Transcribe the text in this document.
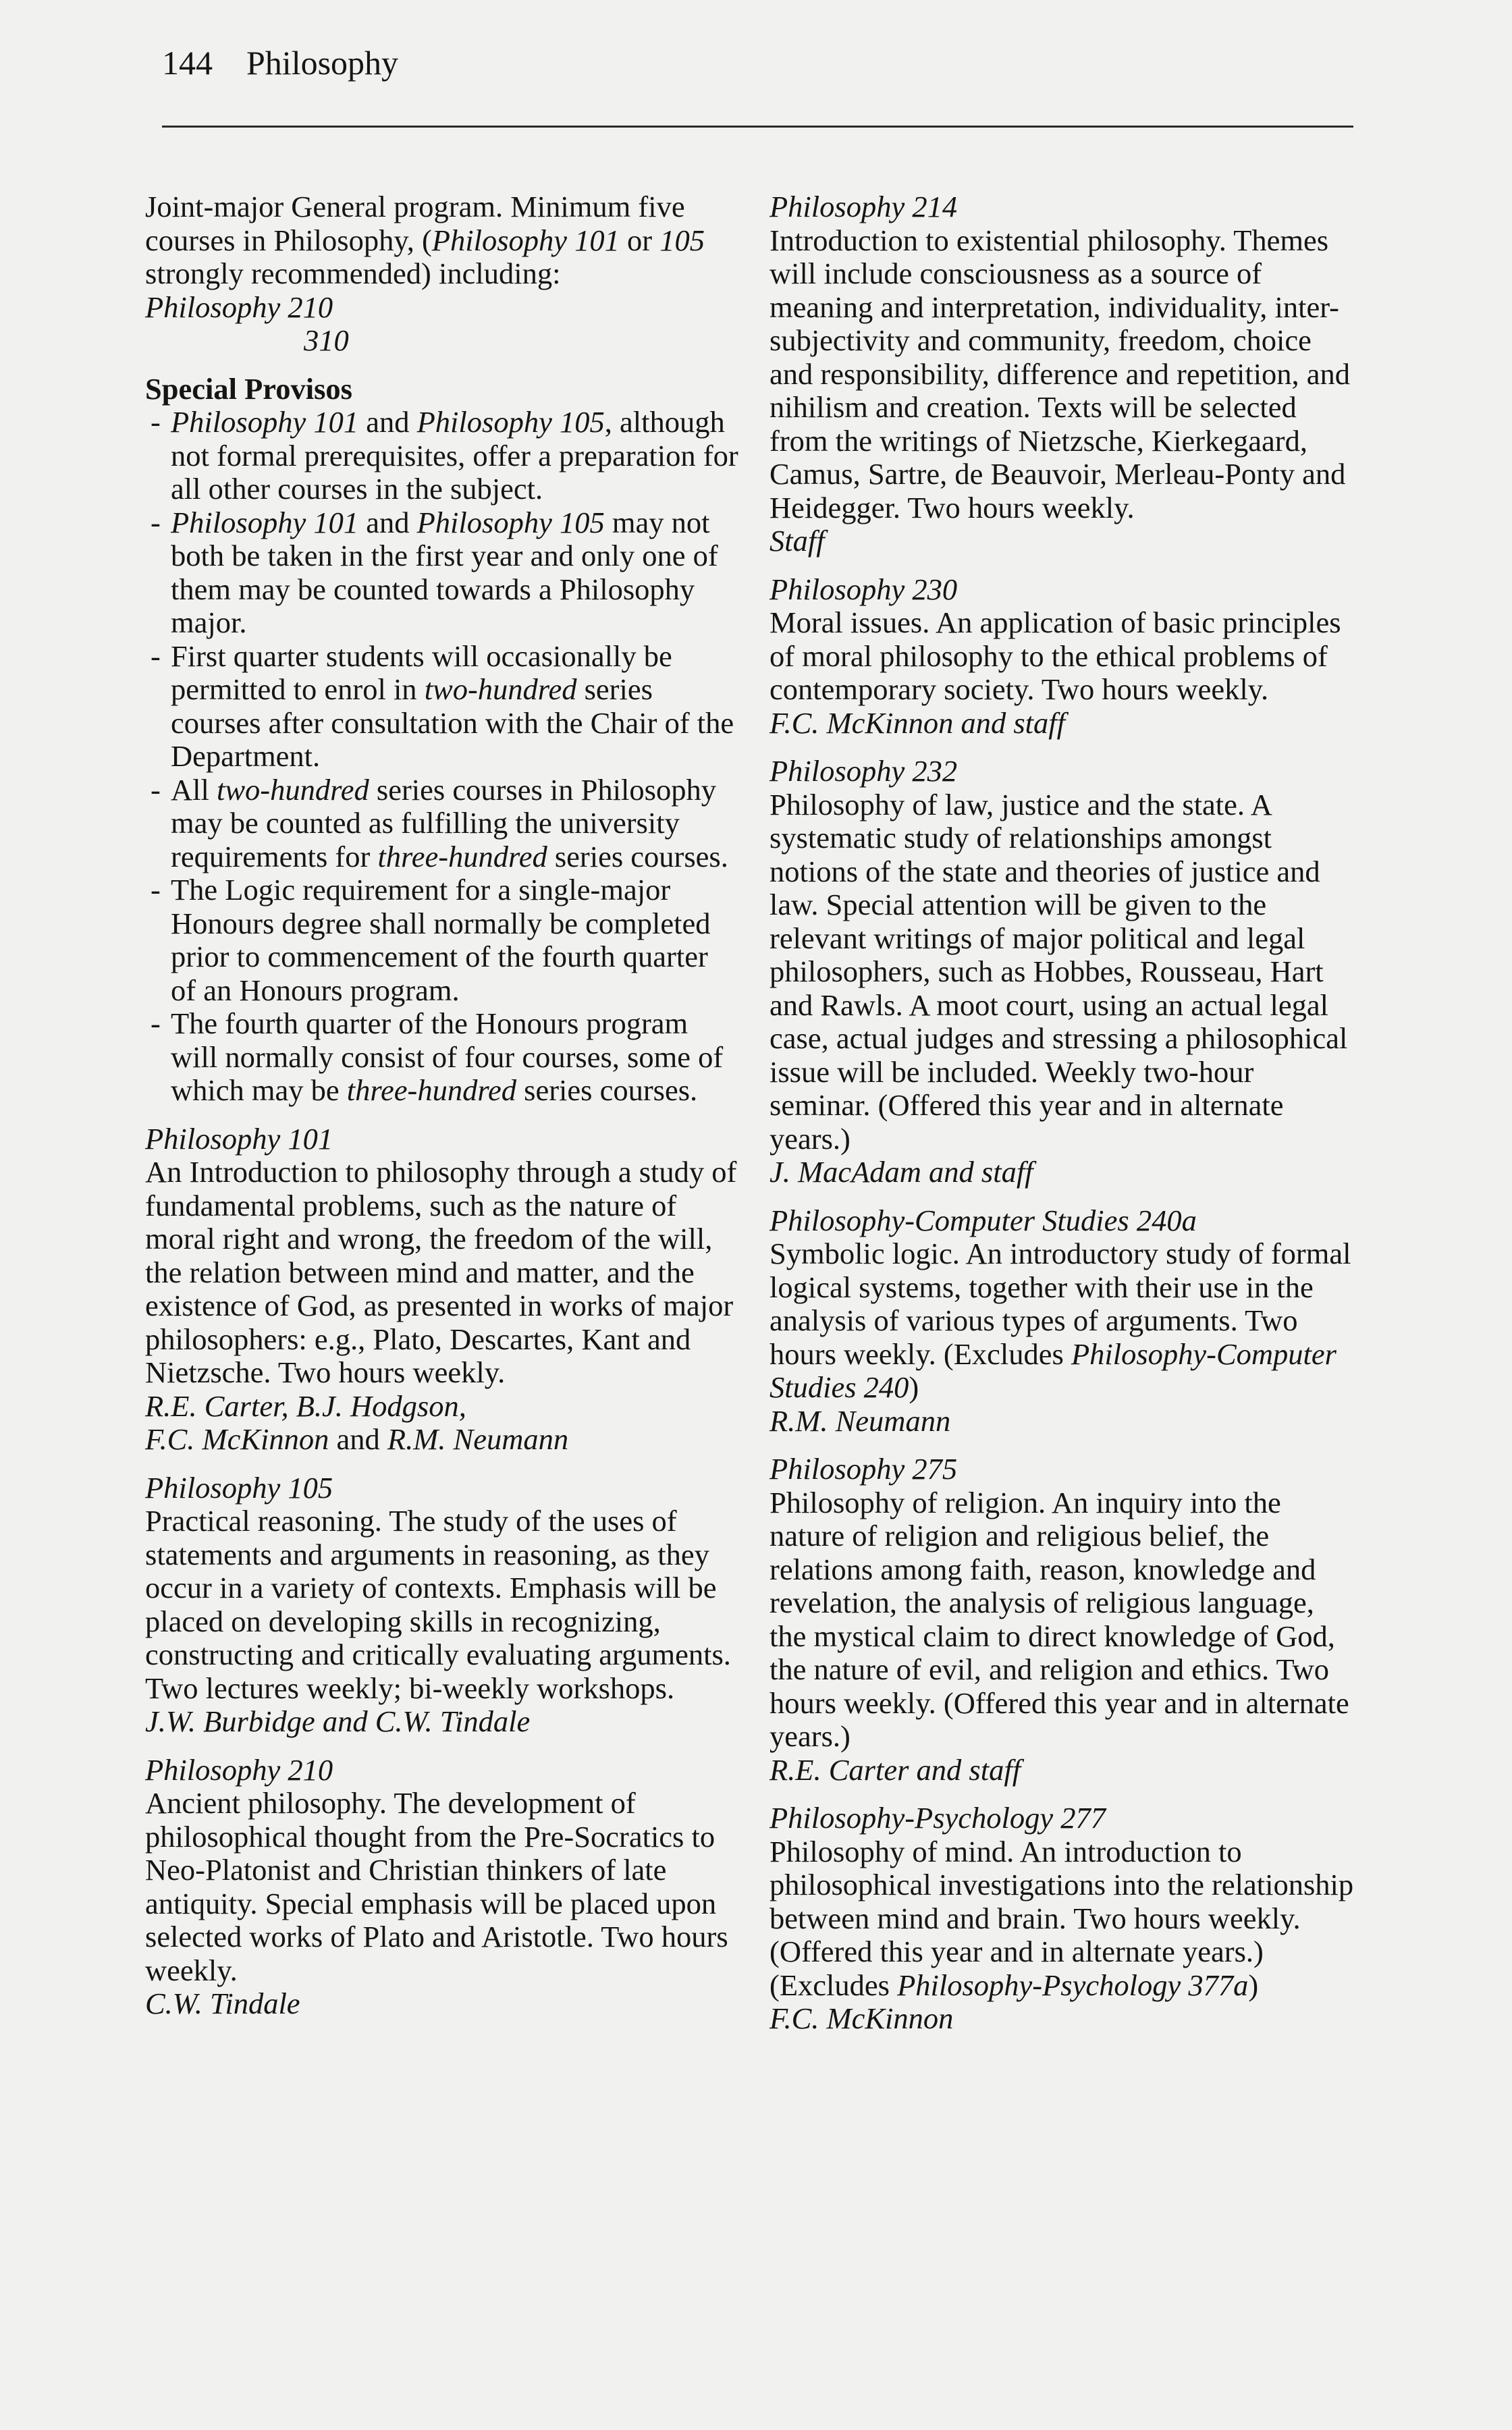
144 Philosophy

Joint-major General program. Minimum five courses in Philosophy, (Philosophy 101 or 105 strongly recommended) including:

Philosophy 210

310

Special Provisos

- Philosophy 101 and Philosophy 105, although not formal prerequisites, offer a preparation for all other courses in the subject.
- Philosophy 101 and Philosophy 105 may not both be taken in the first year and only one of them may be counted towards a Philosophy major.
- First quarter students will occasionally be permitted to enrol in two-hundred series courses after consultation with the Chair of the Department.
- All two-hundred series courses in Philosophy may be counted as fulfilling the university requirements for three-hundred series courses.
- The Logic requirement for a single-major Honours degree shall normally be completed prior to commencement of the fourth quarter of an Honours program.
- The fourth quarter of the Honours program will normally consist of four courses, some of which may be three-hundred series courses.

Philosophy 101

An Introduction to philosophy through a study of fundamental problems, such as the nature of moral right and wrong, the freedom of the will, the relation between mind and matter, and the existence of God, as presented in works of major philosophers: e.g., Plato, Descartes, Kant and Nietzsche. Two hours weekly.

R.E. Carter, B.J. Hodgson,

F.C. McKinnon and R.M. Neumann

Philosophy 105

Practical reasoning. The study of the uses of statements and arguments in reasoning, as they occur in a variety of contexts. Emphasis will be placed on developing skills in recognizing, constructing and critically evaluating arguments. Two lectures weekly; bi-weekly workshops.

J.W. Burbidge and C.W. Tindale

Philosophy 210

Ancient philosophy. The development of philosophical thought from the Pre-Socratics to Neo-Platonist and Christian thinkers of late antiquity. Special emphasis will be placed upon selected works of Plato and Aristotle. Two hours weekly.

C.W. Tindale

Philosophy 214

Introduction to existential philosophy. Themes will include consciousness as a source of meaning and interpretation, individuality, inter-subjectivity and community, freedom, choice and responsibility, difference and repetition, and nihilism and creation. Texts will be selected from the writings of Nietzsche, Kierkegaard, Camus, Sartre, de Beauvoir, Merleau-Ponty and Heidegger. Two hours weekly.

Staff

Philosophy 230

Moral issues. An application of basic principles of moral philosophy to the ethical problems of contemporary society. Two hours weekly.

F.C. McKinnon and staff

Philosophy 232

Philosophy of law, justice and the state. A systematic study of relationships amongst notions of the state and theories of justice and law. Special attention will be given to the relevant writings of major political and legal philosophers, such as Hobbes, Rousseau, Hart and Rawls. A moot court, using an actual legal case, actual judges and stressing a philosophical issue will be included. Weekly two-hour seminar. (Offered this year and in alternate years.)

J. MacAdam and staff

Philosophy-Computer Studies 240a

Symbolic logic. An introductory study of formal logical systems, together with their use in the analysis of various types of arguments. Two hours weekly. (Excludes Philosophy-Computer Studies 240)

R.M. Neumann

Philosophy 275

Philosophy of religion. An inquiry into the nature of religion and religious belief, the relations among faith, reason, knowledge and revelation, the analysis of religious language, the mystical claim to direct knowledge of God, the nature of evil, and religion and ethics. Two hours weekly. (Offered this year and in alternate years.)

R.E. Carter and staff

Philosophy-Psychology 277

Philosophy of mind. An introduction to philosophical investigations into the relationship between mind and brain. Two hours weekly. (Offered this year and in alternate years.) (Excludes Philosophy-Psychology 377a)

F.C. McKinnon
